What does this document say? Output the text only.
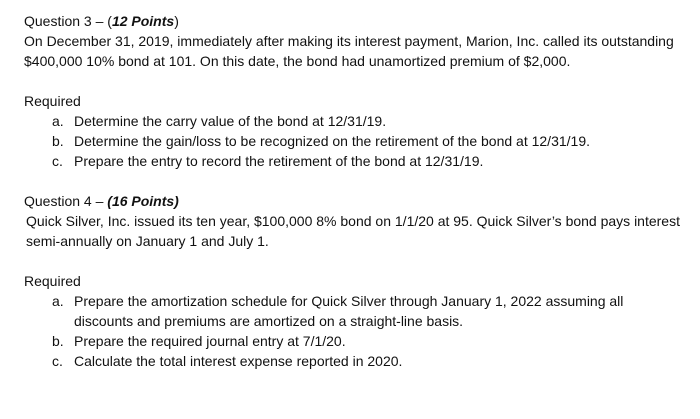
Question 3 – (12 Points)

On December 31, 2019, immediately after making its interest payment, Marion, Inc. called its outstanding $400,000 10% bond at 101. On this date, the bond had unamortized premium of $2,000.

Required

a. Determine the carry value of the bond at 12/31/19.
b. Determine the gain/loss to be recognized on the retirement of the bond at 12/31/19.
c. Prepare the entry to record the retirement of the bond at 12/31/19.
Question 4 – (16 Points)

Quick Silver, Inc. issued its ten year, $100,000 8% bond on 1/1/20 at 95. Quick Silver’s bond pays interest semi-annually on January 1 and July 1.

Required

a. Prepare the amortization schedule for Quick Silver through January 1, 2022 assuming all discounts and premiums are amortized on a straight-line basis.
b. Prepare the required journal entry at 7/1/20.
c. Calculate the total interest expense reported in 2020.
